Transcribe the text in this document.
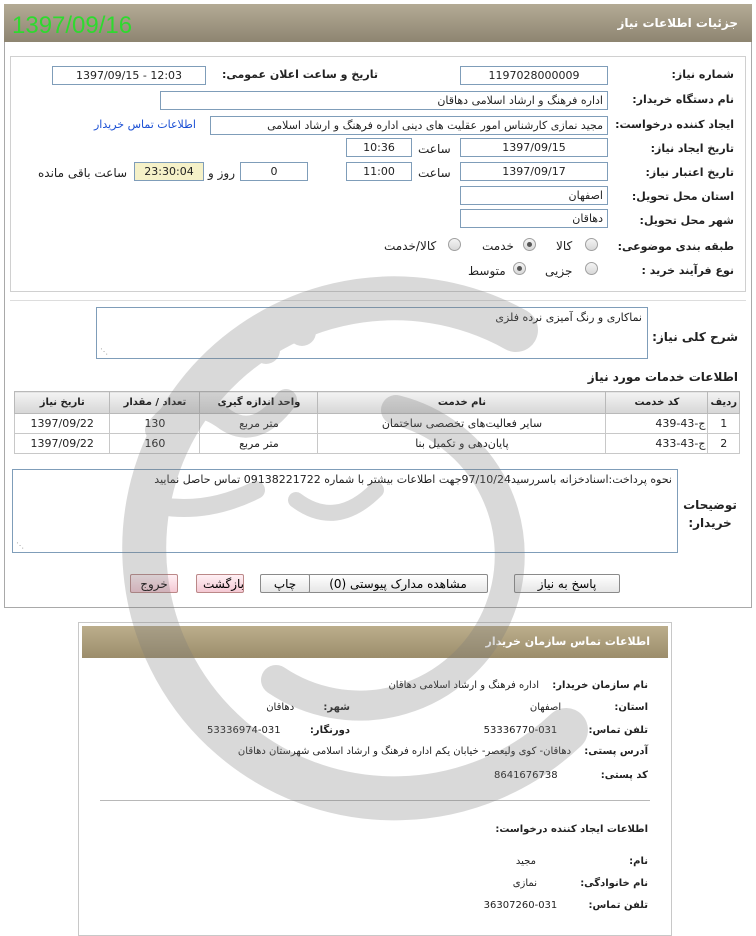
جزئیات اطلاعات نیاز
1397/09/16
شماره نیاز:
1197028000009
تاریخ و ساعت اعلان عمومی:
1397/09/15 - 12:03
نام دستگاه خریدار:
اداره فرهنگ و ارشاد اسلامی دهاقان
ایجاد کننده درخواست:
مجید نمازی کارشناس امور عقلیت های دینی اداره فرهنگ و ارشاد اسلامی
اطلاعات تماس خریدار
تاریخ ایجاد نیاز:
1397/09/15
ساعت
10:36
تاریخ اعتبار نیاز:
1397/09/17
ساعت
11:00
0
روز و
23:30:04
ساعت باقی مانده
استان محل تحویل:
اصفهان
شهر محل تحویل:
دهاقان
طبقه بندی موضوعی:
کالا
خدمت
کالا/خدمت
نوع فرآیند خرید :
جزیی
متوسط
شرح کلی نیاز:
نماکاری و رنگ آمیزی نرده فلزی
⋰
اطلاعات خدمات مورد نیاز
ردیف	کد خدمت	نام خدمت	واحد اندازه گیری	تعداد / مقدار	تاریخ نیاز
1	ج-43-439	سایر فعالیت‌های تخصصی ساختمان	متر مربع	130	1397/09/22
2	ج-43-433	پایان‌دهی و تکمیل بنا	متر مربع	160	1397/09/22
توضیحات خریدار:
نحوه پرداخت:اسنادخزانه باسررسید97/10/24جهت اطلاعات بیشتر با شماره 09138221722 تماس حاصل نمایید
⋰
پاسخ به نیاز
مشاهده مدارک پیوستی (0)
چاپ
بازگشت
خروج
اطلاعات تماس سازمان خریدار
نام سازمان خریدار: اداره فرهنگ و ارشاد اسلامی دهاقان
استان: اصفهان
شهر: دهاقان
تلفن تماس: 031-53336770
دورنگار: 031-53336974
آدرس پستی: دهاقان- کوی ولیعصر- خیابان یکم اداره فرهنگ و ارشاد اسلامی شهرستان دهاقان
کد پستی: 8641676738
اطلاعات ایجاد کننده درخواست:
نام: مجید
نام خانوادگی: نمازی
تلفن تماس: 031-36307260
